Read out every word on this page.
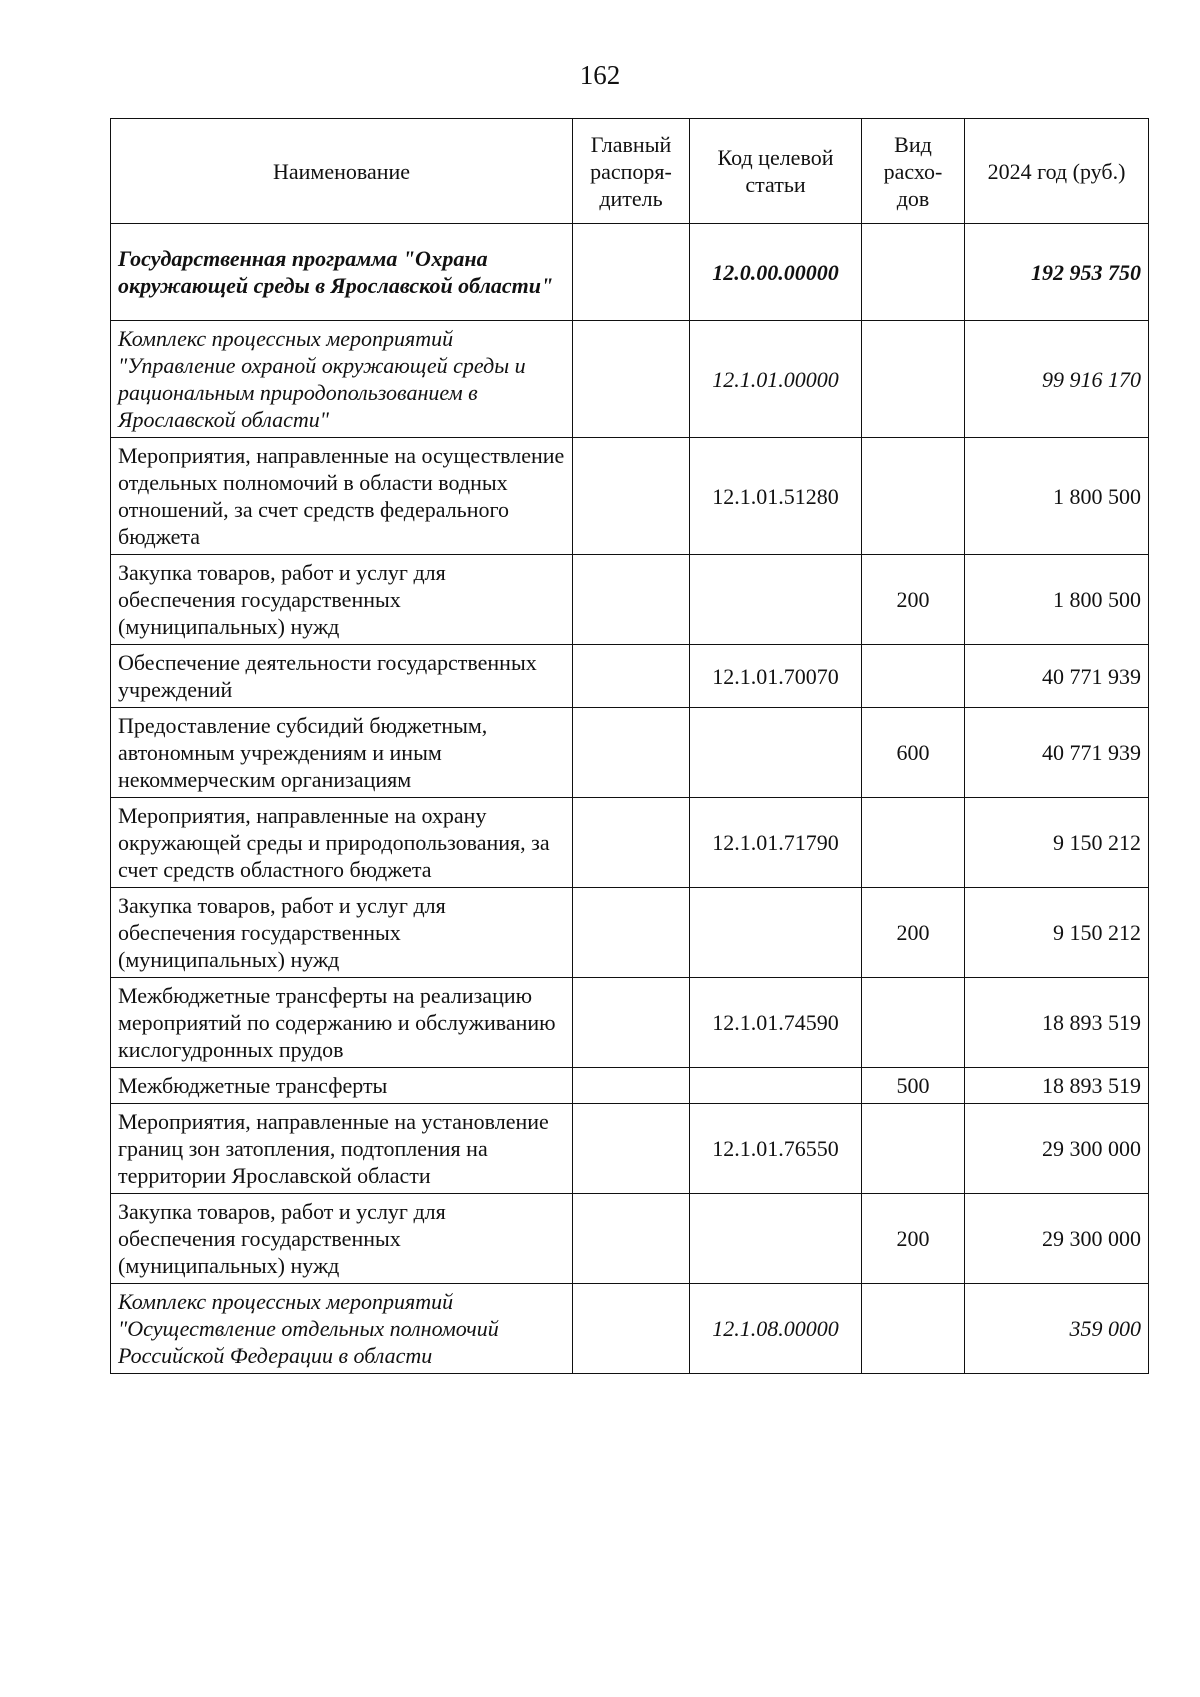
162
Наименование	Главный распоря-дитель	Код целевой статьи	Вид расхо-дов	2024 год (руб.)
Государственная программа "Охрана окружающей среды в Ярославской области"		12.0.00.00000		192 953 750
Комплекс процессных мероприятий "Управление охраной окружающей среды и рациональным природопользованием в Ярославской области"		12.1.01.00000		99 916 170
Мероприятия, направленные на осуществление отдельных полномочий в области водных отношений, за счет средств федерального бюджета		12.1.01.51280		1 800 500
Закупка товаров, работ и услуг для обеспечения государственных (муниципальных) нужд			200	1 800 500
Обеспечение деятельности государственных учреждений		12.1.01.70070		40 771 939
Предоставление субсидий бюджетным, автономным учреждениям и иным некоммерческим организациям			600	40 771 939
Мероприятия, направленные на охрану окружающей среды и природопользования, за счет средств областного бюджета		12.1.01.71790		9 150 212
Закупка товаров, работ и услуг для обеспечения государственных (муниципальных) нужд			200	9 150 212
Межбюджетные трансферты на реализацию мероприятий по содержанию и обслуживанию кислогудронных прудов		12.1.01.74590		18 893 519
Межбюджетные трансферты			500	18 893 519
Мероприятия, направленные на установление границ зон затопления, подтопления на территории Ярославской области		12.1.01.76550		29 300 000
Закупка товаров, работ и услуг для обеспечения государственных (муниципальных) нужд			200	29 300 000
Комплекс процессных мероприятий "Осуществление отдельных полномочий Российской Федерации в области		12.1.08.00000		359 000
